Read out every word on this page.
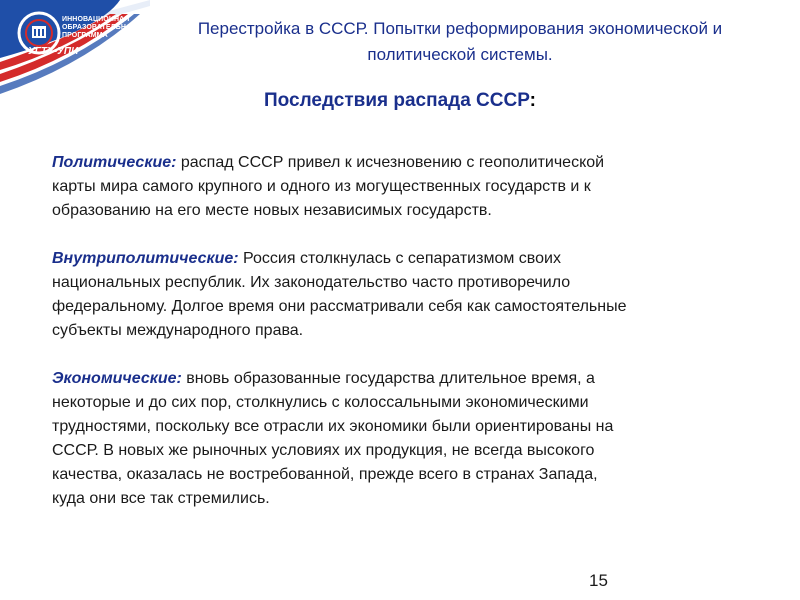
ИННОВАЦИОННАЯ
ОБРАЗОВАТЕЛЬНАЯ
ПРОГРАММА
УГТУ-УПИ
Перестройка в СССР. Попытки реформирования экономической и
политической системы.
Последствия распада СССР:
Политические: распад СССР привел к исчезновению с геополитической
карты мира самого крупного и одного из могущественных государств и к
образованию на его месте новых независимых государств.
Внутриполитические: Россия столкнулась с сепаратизмом своих
национальных республик. Их законодательство часто противоречило
федеральному. Долгое время они рассматривали себя как самостоятельные
субъекты международного права.
Экономические: вновь образованные государства длительное время, а
некоторые и до сих пор, столкнулись с колоссальными экономическими
трудностями, поскольку все отрасли их экономики были ориентированы на
СССР. В новых же рыночных условиях их продукция, не всегда высокого
качества, оказалась не востребованной, прежде всего в странах Запада,
куда они все так стремились.
15
